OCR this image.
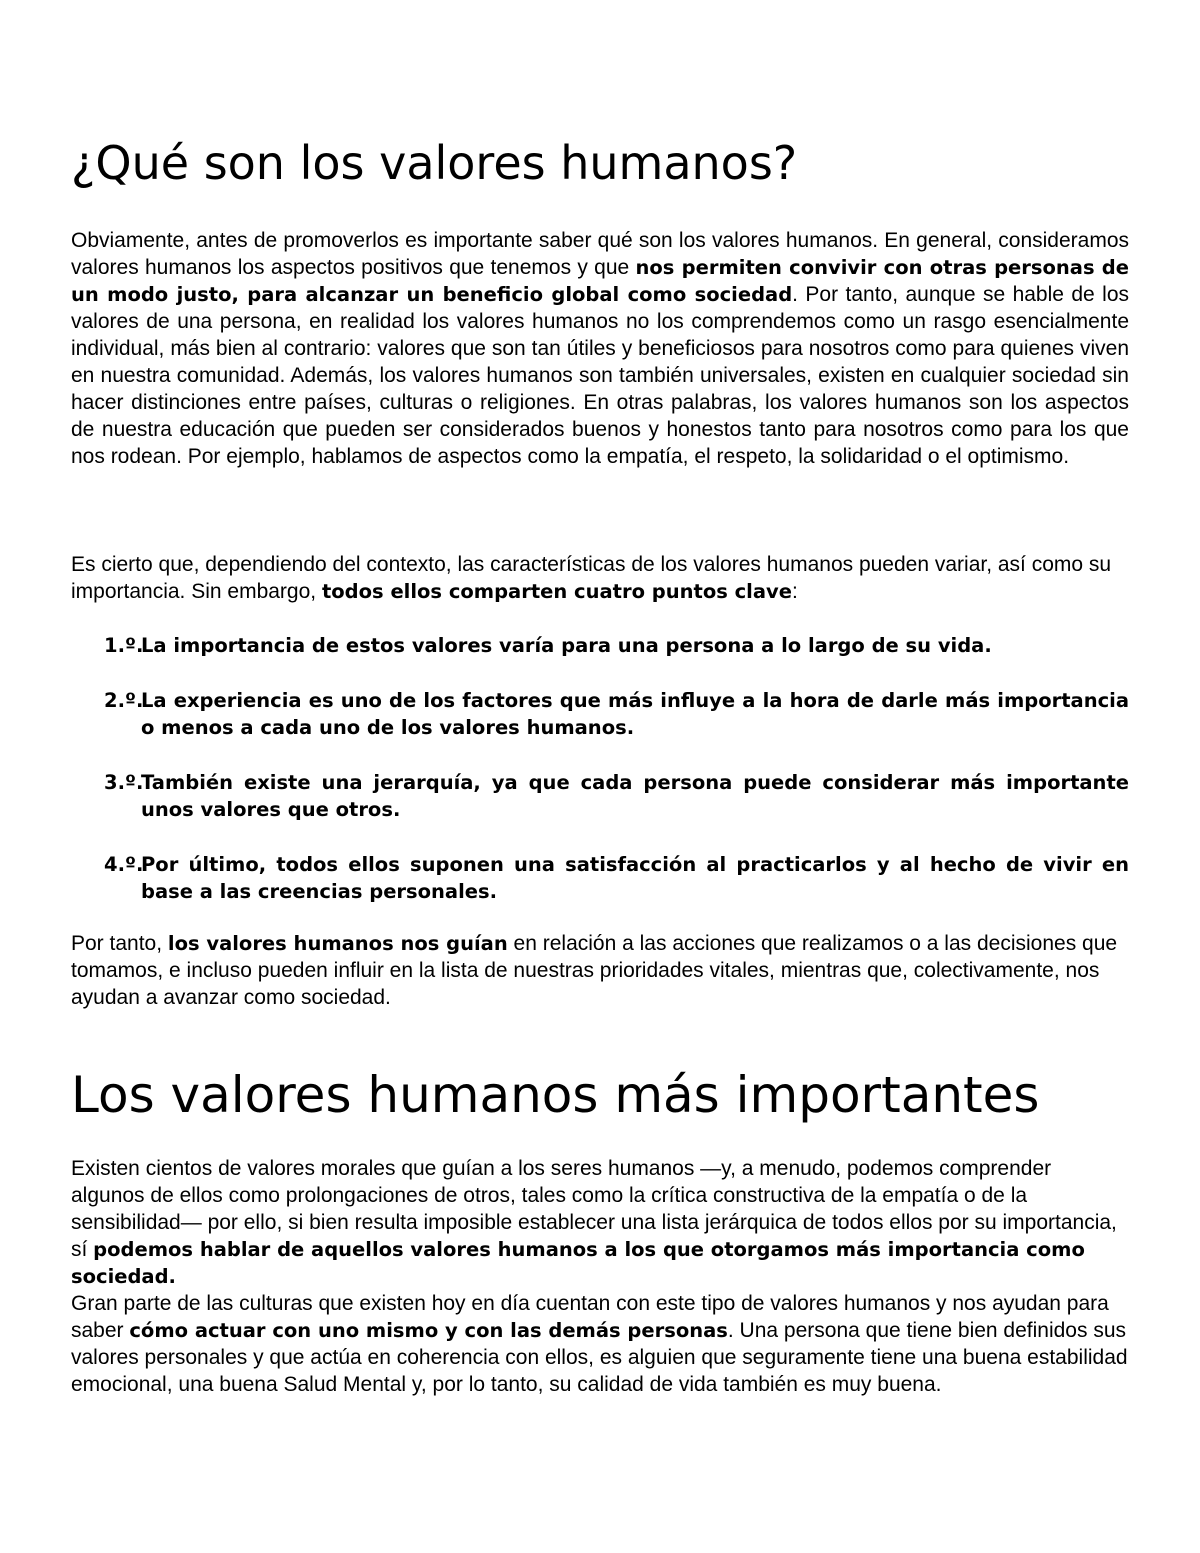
¿Qué son los valores humanos?

Obviamente, antes de promoverlos es importante saber qué son los valores humanos. En general, consideramos valores humanos los aspectos positivos que tenemos y que nos permiten convivir con otras personas de un modo justo, para alcanzar un beneficio global como sociedad. Por tanto, aunque se hable de los valores de una persona, en realidad los valores humanos no los comprendemos como un rasgo esencialmente individual, más bien al contrario: valores que son tan útiles y beneficiosos para nosotros como para quienes viven en nuestra comunidad. Además, los valores humanos son también universales, existen en cualquier sociedad sin hacer distinciones entre países, culturas o religiones. En otras palabras, los valores humanos son los aspectos de nuestra educación que pueden ser considerados buenos y honestos tanto para nosotros como para los que nos rodean. Por ejemplo, hablamos de aspectos como la empatía, el respeto, la solidaridad o el optimismo.

Es cierto que, dependiendo del contexto, las características de los valores humanos pueden variar, así como su importancia. Sin embargo, todos ellos comparten cuatro puntos clave:

1.º.
La importancia de estos valores varía para una persona a lo largo de su vida.
2.º.
La experiencia es uno de los factores que más influye a la hora de darle más importancia o menos a cada uno de los valores humanos.
3.º.
También existe una jerarquía, ya que cada persona puede considerar más importante unos valores que otros.
4.º.
Por último, todos ellos suponen una satisfacción al practicarlos y al hecho de vivir en base a las creencias personales.

Por tanto, los valores humanos nos guían en relación a las acciones que realizamos o a las decisiones que tomamos, e incluso pueden influir en la lista de nuestras prioridades vitales, mientras que, colectivamente, nos ayudan a avanzar como sociedad.

Los valores humanos más importantes

Existen cientos de valores morales que guían a los seres humanos —y, a menudo, podemos comprender algunos de ellos como prolongaciones de otros, tales como la crítica constructiva de la empatía o de la sensibilidad— por ello, si bien resulta imposible establecer una lista jerárquica de todos ellos por su importancia, sí podemos hablar de aquellos valores humanos a los que otorgamos más importancia como sociedad.
Gran parte de las culturas que existen hoy en día cuentan con este tipo de valores humanos y nos ayudan para saber cómo actuar con uno mismo y con las demás personas. Una persona que tiene bien definidos sus valores personales y que actúa en coherencia con ellos, es alguien que seguramente tiene una buena estabilidad emocional, una buena Salud Mental y, por lo tanto, su calidad de vida también es muy buena.
